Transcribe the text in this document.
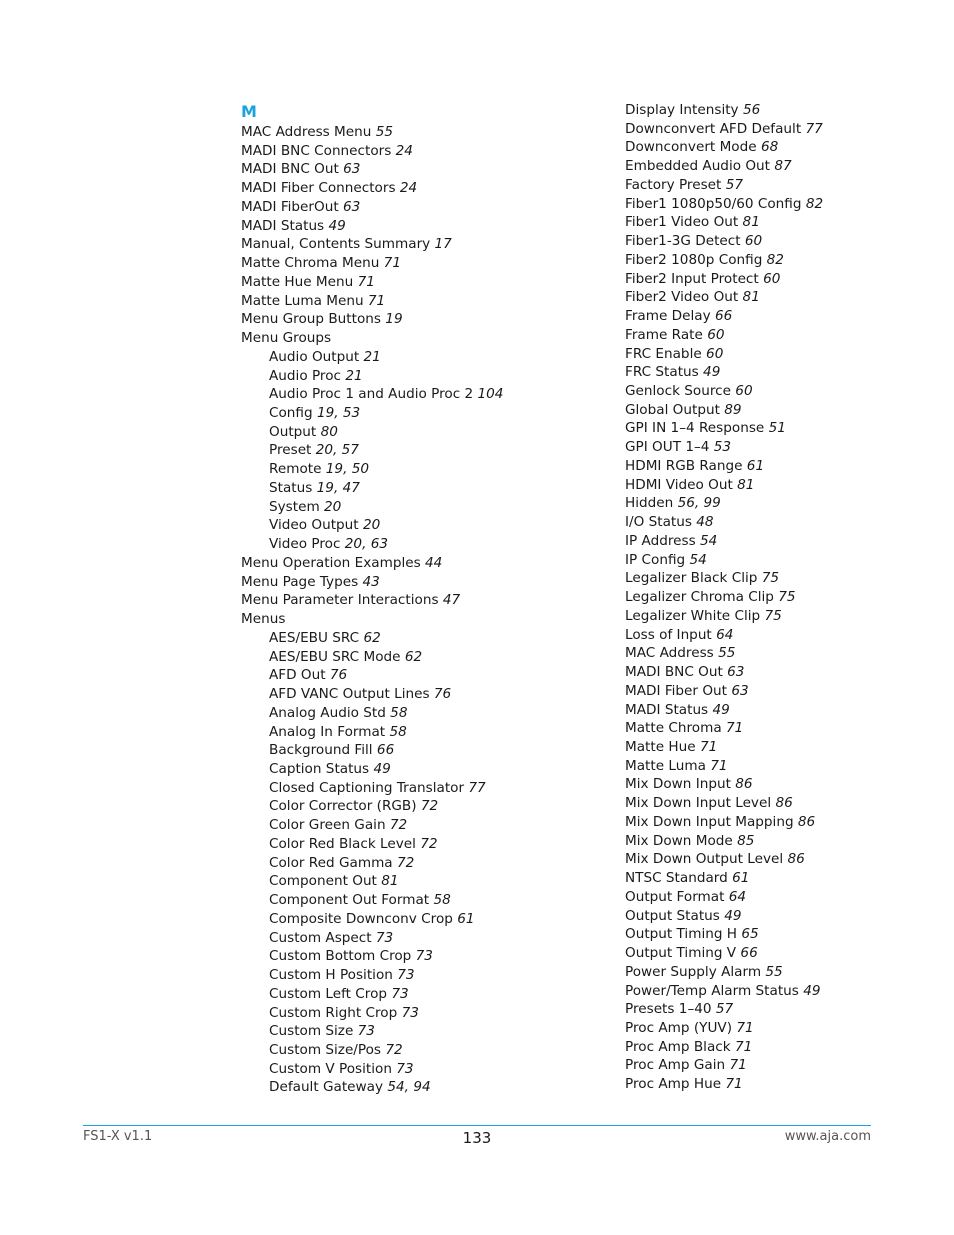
M
MAC Address Menu 55
MADI BNC Connectors 24
MADI BNC Out 63
MADI Fiber Connectors 24
MADI FiberOut 63
MADI Status 49
Manual, Contents Summary 17
Matte Chroma Menu 71
Matte Hue Menu 71
Matte Luma Menu 71
Menu Group Buttons 19
Menu Groups
Audio Output 21
Audio Proc 21
Audio Proc 1 and Audio Proc 2 104
Config 19, 53
Output 80
Preset 20, 57
Remote 19, 50
Status 19, 47
System 20
Video Output 20
Video Proc 20, 63
Menu Operation Examples 44
Menu Page Types 43
Menu Parameter Interactions 47
Menus
AES/EBU SRC 62
AES/EBU SRC Mode 62
AFD Out 76
AFD VANC Output Lines 76
Analog Audio Std 58
Analog In Format 58
Background Fill 66
Caption Status 49
Closed Captioning Translator 77
Color Corrector (RGB) 72
Color Green Gain 72
Color Red Black Level 72
Color Red Gamma 72
Component Out 81
Component Out Format 58
Composite Downconv Crop 61
Custom Aspect 73
Custom Bottom Crop 73
Custom H Position 73
Custom Left Crop 73
Custom Right Crop 73
Custom Size 73
Custom Size/Pos 72
Custom V Position 73
Default Gateway 54, 94
Display Intensity 56
Downconvert AFD Default 77
Downconvert Mode 68
Embedded Audio Out 87
Factory Preset 57
Fiber1 1080p50/60 Config 82
Fiber1 Video Out 81
Fiber1-3G Detect 60
Fiber2 1080p Config 82
Fiber2 Input Protect 60
Fiber2 Video Out 81
Frame Delay 66
Frame Rate 60
FRC Enable 60
FRC Status 49
Genlock Source 60
Global Output 89
GPI IN 1–4 Response 51
GPI OUT 1–4 53
HDMI RGB Range 61
HDMI Video Out 81
Hidden 56, 99
I/O Status 48
IP Address 54
IP Config 54
Legalizer Black Clip 75
Legalizer Chroma Clip 75
Legalizer White Clip 75
Loss of Input 64
MAC Address 55
MADI BNC Out 63
MADI Fiber Out 63
MADI Status 49
Matte Chroma 71
Matte Hue 71
Matte Luma 71
Mix Down Input 86
Mix Down Input Level 86
Mix Down Input Mapping 86
Mix Down Mode 85
Mix Down Output Level 86
NTSC Standard 61
Output Format 64
Output Status 49
Output Timing H 65
Output Timing V 66
Power Supply Alarm 55
Power/Temp Alarm Status 49
Presets 1–40 57
Proc Amp (YUV) 71
Proc Amp Black 71
Proc Amp Gain 71
Proc Amp Hue 71
FS1-X v1.1	133	www.aja.com
